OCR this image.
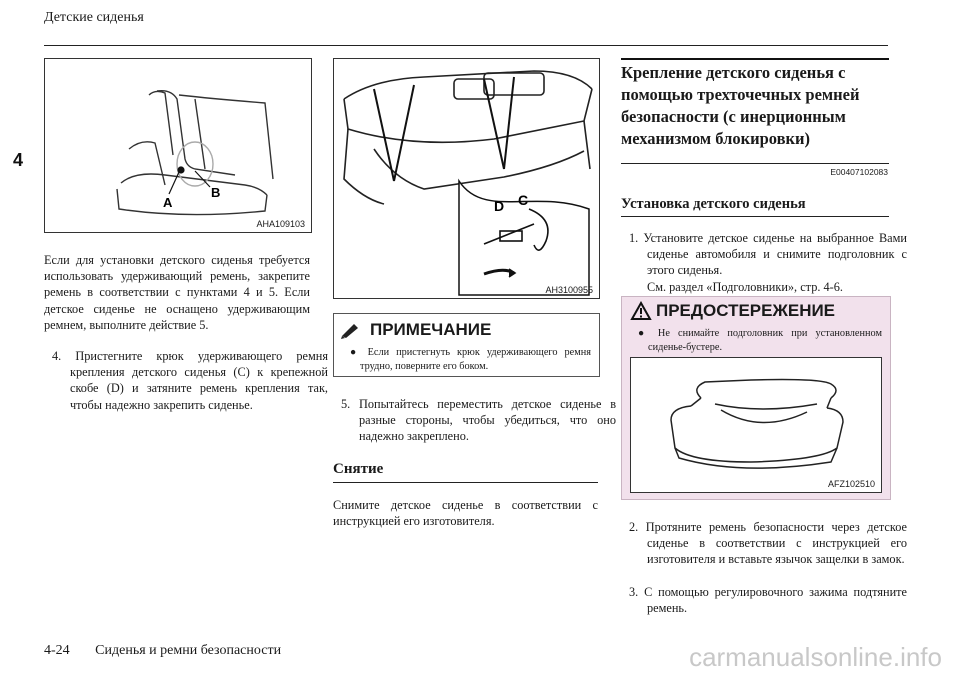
Детские сиденья
4
A
B
AHA109103
Если для установки детского сиденья требуется использовать удерживающий ремень, закрепите ремень в соответствии с пунктами 4 и 5. Если детское сиденье не оснащено удерживающим ремнем, выполните действие 5.
4. Пристегните крюк удерживающего ремня крепления детского сиденья (C) к крепежной скобе (D) и затяните ремень крепления так, чтобы надежно закрепить сиденье.
D C
AH3100955
ПРИМЕЧАНИЕ
● Если пристегнуть крюк удерживающего ремня трудно, поверните его боком.
5. Попытайтесь переместить детское сиденье в разные стороны, чтобы убедиться, что оно надежно закреплено.
Снятие
Снимите детское сиденье в соответствии с инструкцией его изготовителя.
Крепление детского сиденья с помощью трехточечных ремней безопасности (с инерционным механизмом блокировки)
E00407102083
Установка детского сиденья
1. Установите детское сиденье на выбранное Вами сиденье автомобиля и снимите подголовник с этого сиденья.
См. раздел «Подголовники», стр. 4-6.
ПРЕДОСТЕРЕЖЕНИЕ
● Не снимайте подголовник при установленном сиденье-бустере.
AFZ102510
2. Протяните ремень безопасности через детское сиденье в соответствии с инструкцией его изготовителя и вставьте язычок защелки в замок.
3. С помощью регулировочного зажима подтяните ремень.
4-24 Сиденья и ремни безопасности	carmanualsonline.info
